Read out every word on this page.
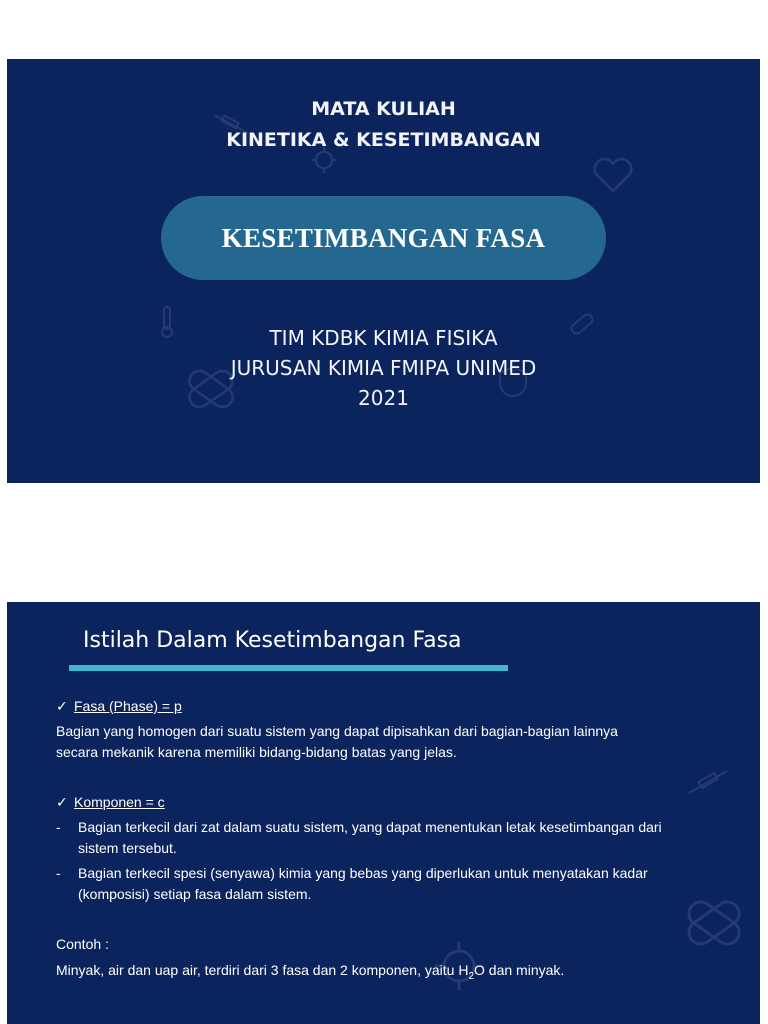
MATA KULIAH
KINETIKA & KESETIMBANGAN
KESETIMBANGAN FASA
TIM KDBK KIMIA FISIKA
JURUSAN KIMIA FMIPA UNIMED
2021
Istilah Dalam Kesetimbangan Fasa
✓ Fasa (Phase) = p
Bagian yang homogen dari suatu sistem yang dapat dipisahkan dari bagian-bagian lainnya
secara mekanik karena memiliki bidang-bidang batas yang jelas.
✓ Komponen = c
-	Bagian terkecil dari zat dalam suatu sistem, yang dapat menentukan letak kesetimbangan dari sistem tersebut.
-	Bagian terkecil spesi (senyawa) kimia yang bebas yang diperlukan untuk menyatakan kadar (komposisi) setiap fasa dalam sistem.
Contoh :
Minyak, air dan uap air, terdiri dari 3 fasa dan 2 komponen, yaitu $H_2O$ dan minyak.
